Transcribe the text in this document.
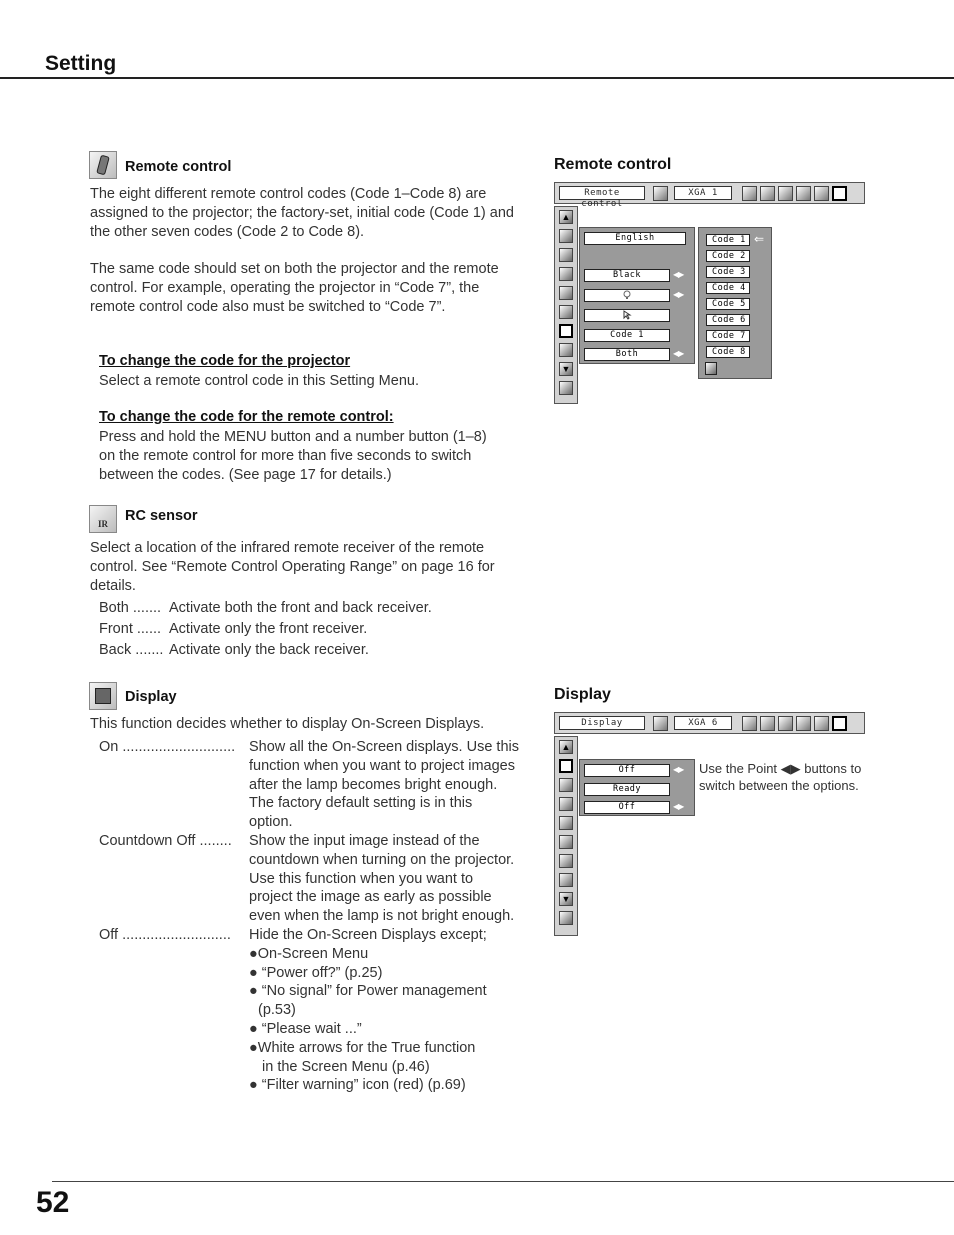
Setting
Remote control

The eight different remote control codes (Code 1–Code 8) are assigned to the projector; the factory-set, initial code (Code 1) and the other seven codes (Code 2 to Code 8).

The same code should set on both the projector and the remote control. For example, operating the projector in “Code 7”, the remote control code also must be switched to “Code 7”.

To change the code for the projector
Select a remote control code in this Setting Menu.
To change the code for the remote control:
Press and hold the MENU button and a number button (1–8) on the remote control for more than five seconds to switch between the codes. (See page 17 for details.)
IR RC sensor
Select a location of the infrared remote receiver of the remote control. See “Remote Control Operating Range” on page 16 for details.
Both ....... Activate both the front and back receiver.
Front ...... Activate only the front receiver.
Back ....... Activate only the back receiver.
Display
This function decides whether to display On-Screen Displays.
On ............................ Show all the On-Screen displays. Use this function when you want to project images after the lamp becomes bright enough. The factory default setting is in this option.
Countdown Off ........	Show the input image instead of the countdown when turning on the projector. Use this function when you want to project the image as early as possible even when the lamp is not bright enough.
Off ...........................	Hide the On-Screen Displays except;
●On-Screen Menu
● “Power off?” (p.25)
● “No signal” for Power management
(p.53)
● “Please wait ...”
●White arrows for the True function
in the Screen Menu (p.46)
● “Filter warning” icon (red) (p.69)
Remote control
Remote control
XGA 1
▲
▼
English
Black	◀▶
◀▶
Code 1
Both	◀▶
Code 1
Code 2
Code 3
Code 4
Code 5
Code 6
Code 7
Code 8
⇐
Display
Display	XGA 6
▲
▼
Off	◀▶
Ready
Off	◀▶
Use the Point ◀▶ buttons to switch between the options.
52
